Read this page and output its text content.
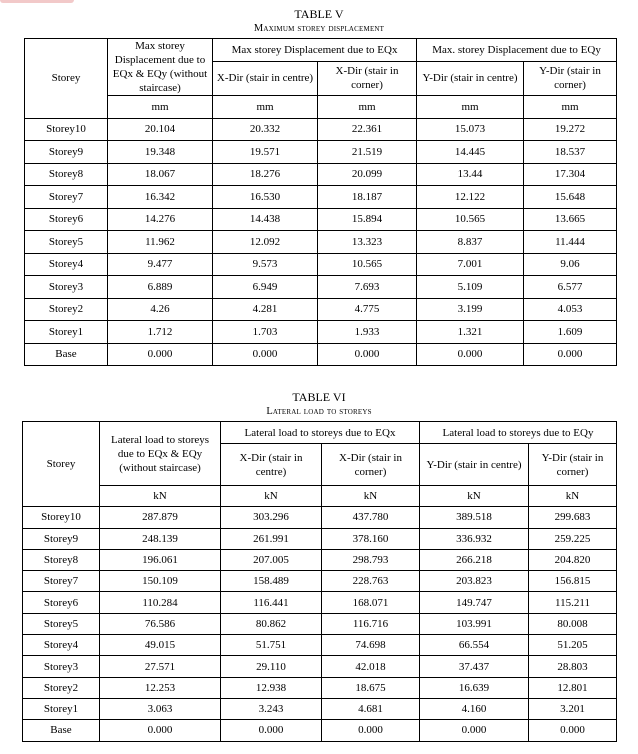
TABLE V
Maximum storey displacement
Storey	Max storey Displacement due to EQx & EQy (without staircase)	Max storey Displacement due to EQx		Max. storey Displacement due to EQy	
		X-Dir (stair in centre)	X-Dir (stair in corner)	Y-Dir (stair in centre)	Y-Dir (stair in corner)
	mm	mm	mm	mm	mm
Storey10	20.104	20.332	22.361	15.073	19.272
Storey9	19.348	19.571	21.519	14.445	18.537
Storey8	18.067	18.276	20.099	13.44	17.304
Storey7	16.342	16.530	18.187	12.122	15.648
Storey6	14.276	14.438	15.894	10.565	13.665
Storey5	11.962	12.092	13.323	8.837	11.444
Storey4	9.477	9.573	10.565	7.001	9.06
Storey3	6.889	6.949	7.693	5.109	6.577
Storey2	4.26	4.281	4.775	3.199	4.053
Storey1	1.712	1.703	1.933	1.321	1.609
Base	0.000	0.000	0.000	0.000	0.000
TABLE VI
Lateral load to storeys
Storey	Lateral load to storeys due to EQx & EQy (without staircase)	Lateral load to storeys due to EQx		Lateral load to storeys due to EQy	
		X-Dir (stair in centre)	X-Dir (stair in corner)	Y-Dir (stair in centre)	Y-Dir (stair in corner)
	kN	kN	kN	kN	kN
Storey10	287.879	303.296	437.780	389.518	299.683
Storey9	248.139	261.991	378.160	336.932	259.225
Storey8	196.061	207.005	298.793	266.218	204.820
Storey7	150.109	158.489	228.763	203.823	156.815
Storey6	110.284	116.441	168.071	149.747	115.211
Storey5	76.586	80.862	116.716	103.991	80.008
Storey4	49.015	51.751	74.698	66.554	51.205
Storey3	27.571	29.110	42.018	37.437	28.803
Storey2	12.253	12.938	18.675	16.639	12.801
Storey1	3.063	3.243	4.681	4.160	3.201
Base	0.000	0.000	0.000	0.000	0.000
